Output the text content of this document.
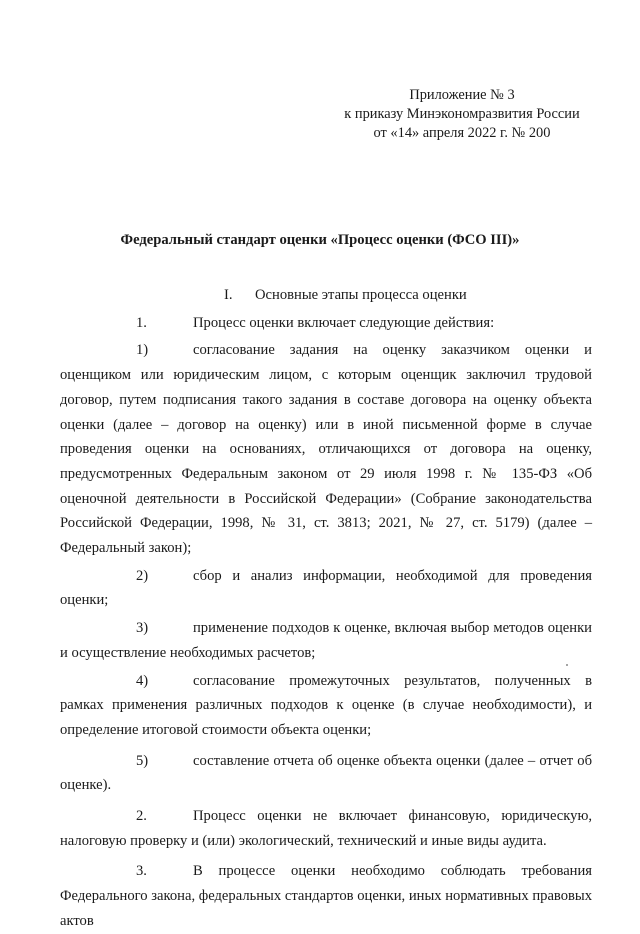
Приложение № 3
к приказу Минэкономразвития России
от «14» апреля 2022 г. № 200
Федеральный стандарт оценки «Процесс оценки (ФСО III)»
I. Основные этапы процесса оценки

1.	Процесс оценки включает следующие действия:

1)	согласование задания на оценку заказчиком оценки и оценщиком или юридическим лицом, с которым оценщик заключил трудовой договор, путем подписания такого задания в составе договора на оценку объекта оценки (далее – договор на оценку) или в иной письменной форме в случае проведения оценки на основаниях, отличающихся от договора на оценку, предусмотренных Федеральным законом от 29 июля 1998 г. № 135-ФЗ «Об оценочной деятельности в Российской Федерации» (Собрание законодательства Российской Федерации, 1998, № 31, ст. 3813; 2021, № 27, ст. 5179) (далее – Федеральный закон);

2)	сбор и анализ информации, необходимой для проведения оценки;

3)	применение подходов к оценке, включая выбор методов оценки и осуществление необходимых расчетов;

4)	согласование промежуточных результатов, полученных в рамках применения различных подходов к оценке (в случае необходимости), и определение итоговой стоимости объекта оценки;

5)	составление отчета об оценке объекта оценки (далее – отчет об оценке).

2.	Процесс оценки не включает финансовую, юридическую, налоговую проверку и (или) экологический, технический и иные виды аудита.

3.	В процессе оценки необходимо соблюдать требования Федерального закона, федеральных стандартов оценки, иных нормативных правовых актов
